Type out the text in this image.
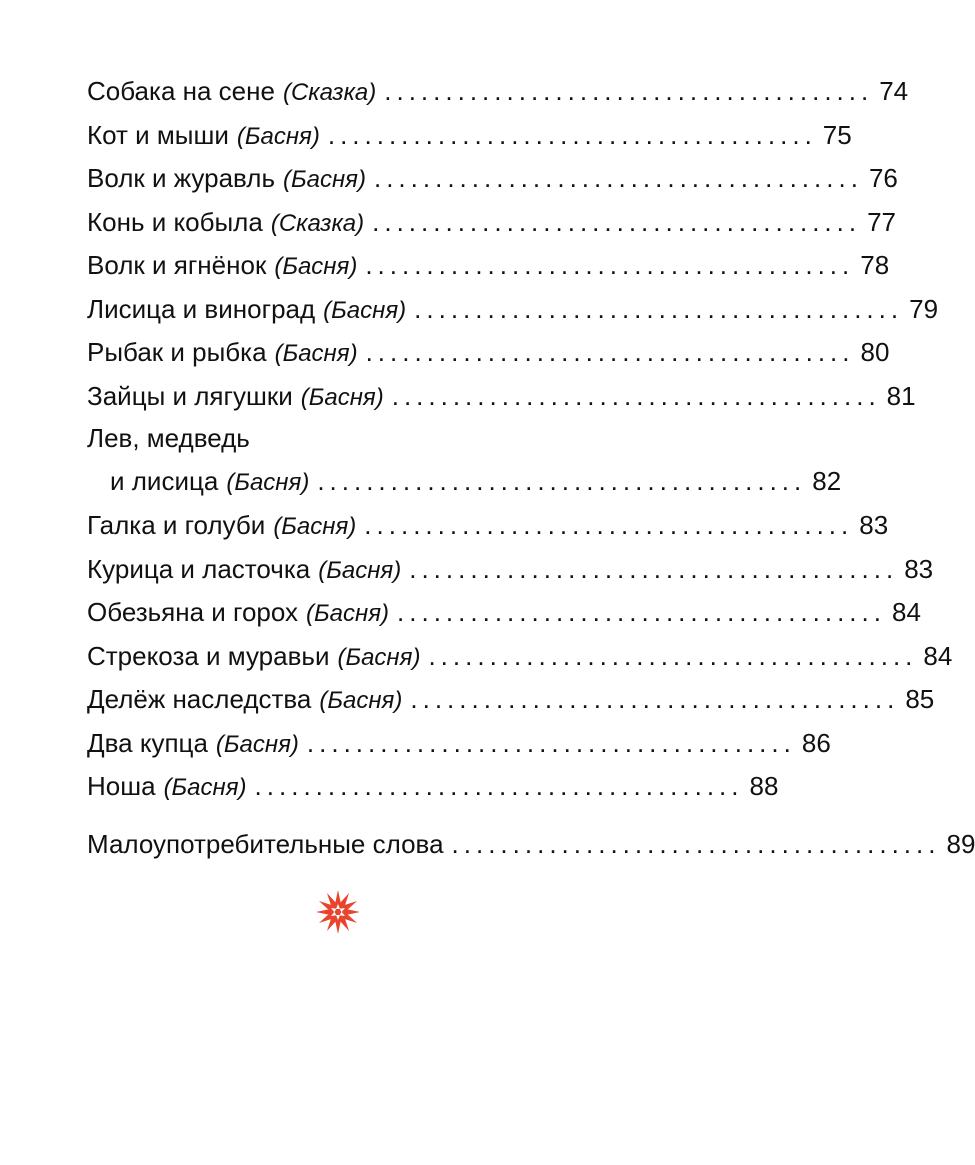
Собака на сене (Сказка) ........................................ 74
Кот и мыши (Басня) ........................................ 75
Волк и журавль (Басня) ........................................ 76
Конь и кобыла (Сказка) ........................................ 77
Волк и ягнёнок (Басня) ........................................ 78
Лисица и виноград (Басня) ........................................ 79
Рыбак и рыбка (Басня) ........................................ 80
Зайцы и лягушки (Басня) ........................................ 81
Лев, медведь
и лисица (Басня) ........................................ 82
Галка и голуби (Басня) ........................................ 83
Курица и ласточка (Басня) ........................................ 83
Обезьяна и горох (Басня) ........................................ 84
Стрекоза и муравьи (Басня) ........................................ 84
Делёж наследства (Басня) ........................................ 85
Два купца (Басня) ........................................ 86
Ноша (Басня) ........................................ 88
Малоупотребительные слова ........................................ 89
